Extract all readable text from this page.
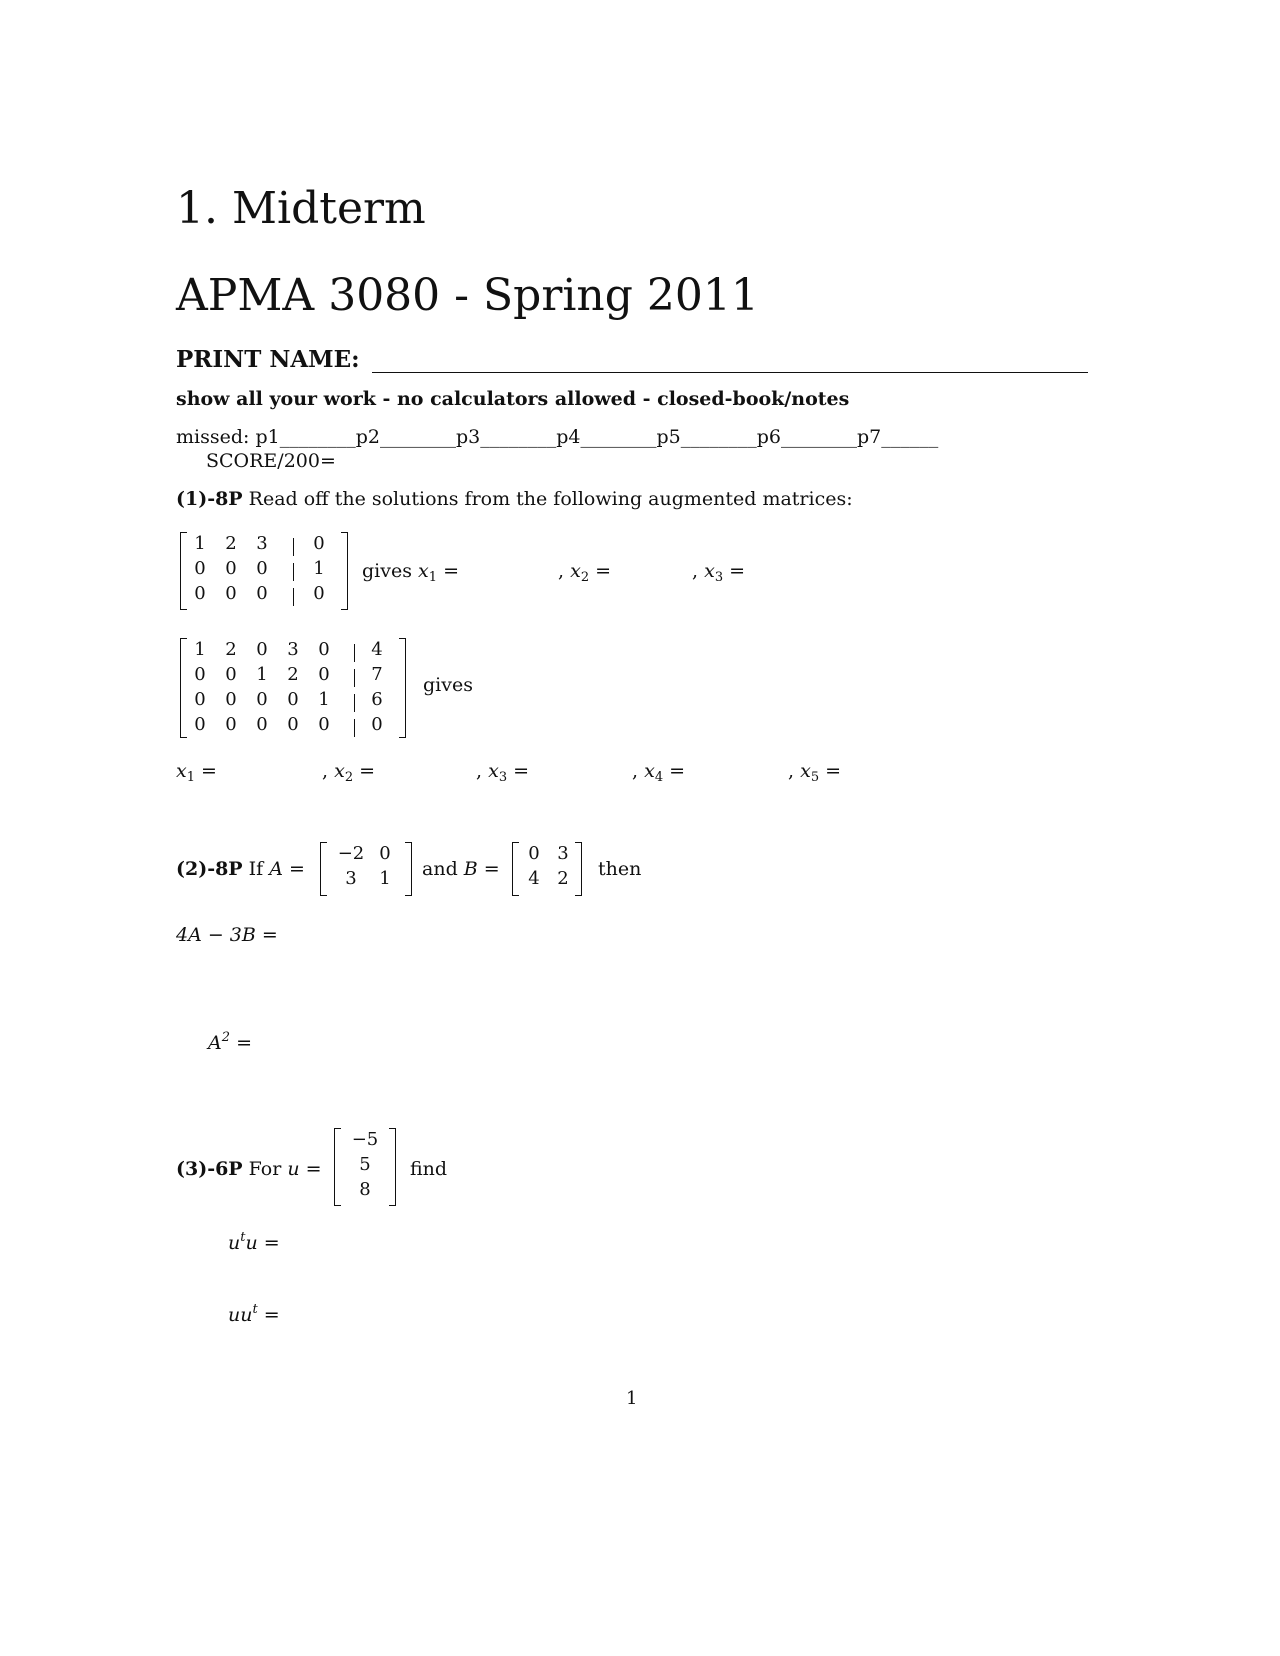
1. Midterm
APMA 3080 - Spring 2011
PRINT NAME:
show all your work - no calculators allowed - closed-book/notes
missed: p1________p2________p3________p4________p5________p6________p7______
SCORE/200=
(1)-8P Read off the solutions from the following augmented matrices:
1	2	3	0
0	0	0	1
0	0	0	0
gives $x_1$ =	, $x_2$ =	, $x_3$ =
1	2	0	3	0	4
0	0	1	2	0	7
0	0	0	0	1	6
0	0	0	0	0	0
gives
$x_1$ =	, $x_2$ =	, $x_3$ =	, $x_4$ =	, $x_5$ =
(2)-8P If A =
−2 0
3	1	and B =
0 3
4 2	then
4A − 3B =
$A^2$ =
(3)-6P For u =
−5
5
8
find
$u^tu$ =
$uu^t$ =
1
